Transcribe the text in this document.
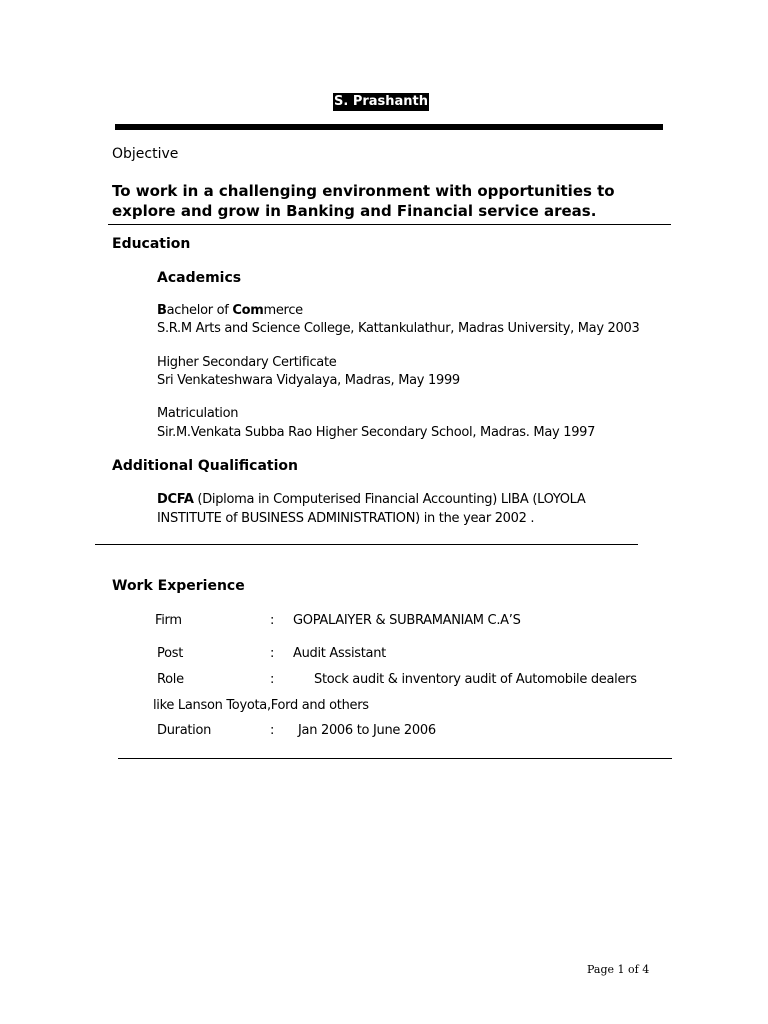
S. Prashanth
Objective
To work in a challenging environment with opportunities to explore and grow in Banking and Financial service areas.
Education
Academics
Bachelor of Commerce
S.R.M Arts and Science College, Kattankulathur, Madras University, May 2003
Higher Secondary Certificate
Sri Venkateshwara Vidyalaya, Madras, May 1999
Matriculation
Sir.M.Venkata Subba Rao Higher Secondary School, Madras. May 1997
Additional Qualification
DCFA (Diploma in Computerised Financial Accounting) LIBA (LOYOLA
INSTITUTE of BUSINESS ADMINISTRATION) in the year 2002 .
Work Experience
Firm	: GOPALAIYER & SUBRAMANIAM C.A’S
Post	: Audit Assistant
Role	:	Stock audit & inventory audit of Automobile dealers
like Lanson Toyota,Ford and others
Duration	: Jan 2006 to June 2006
Page 1 of 4
